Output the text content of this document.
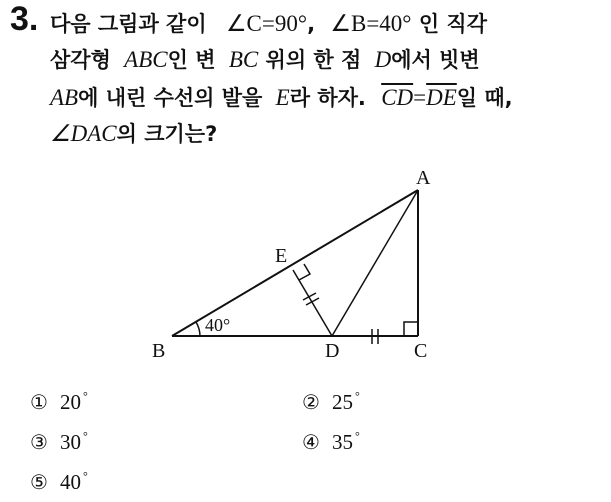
3. 다음 그림과 같이 ∠C=90°, ∠B=40° 인 직각
삼각형 ABC인 변 BC 위의 한 점 D에서 빗변
AB에 내린 수선의 발을 E라 하자. $\overline{CD}=\overline{DE}$일 때,
∠DAC의 크기는?
A
B	C
D
E
40°
① 20 °	② 25 °
③ 30 °	④ 35 °
⑤ 40 °
